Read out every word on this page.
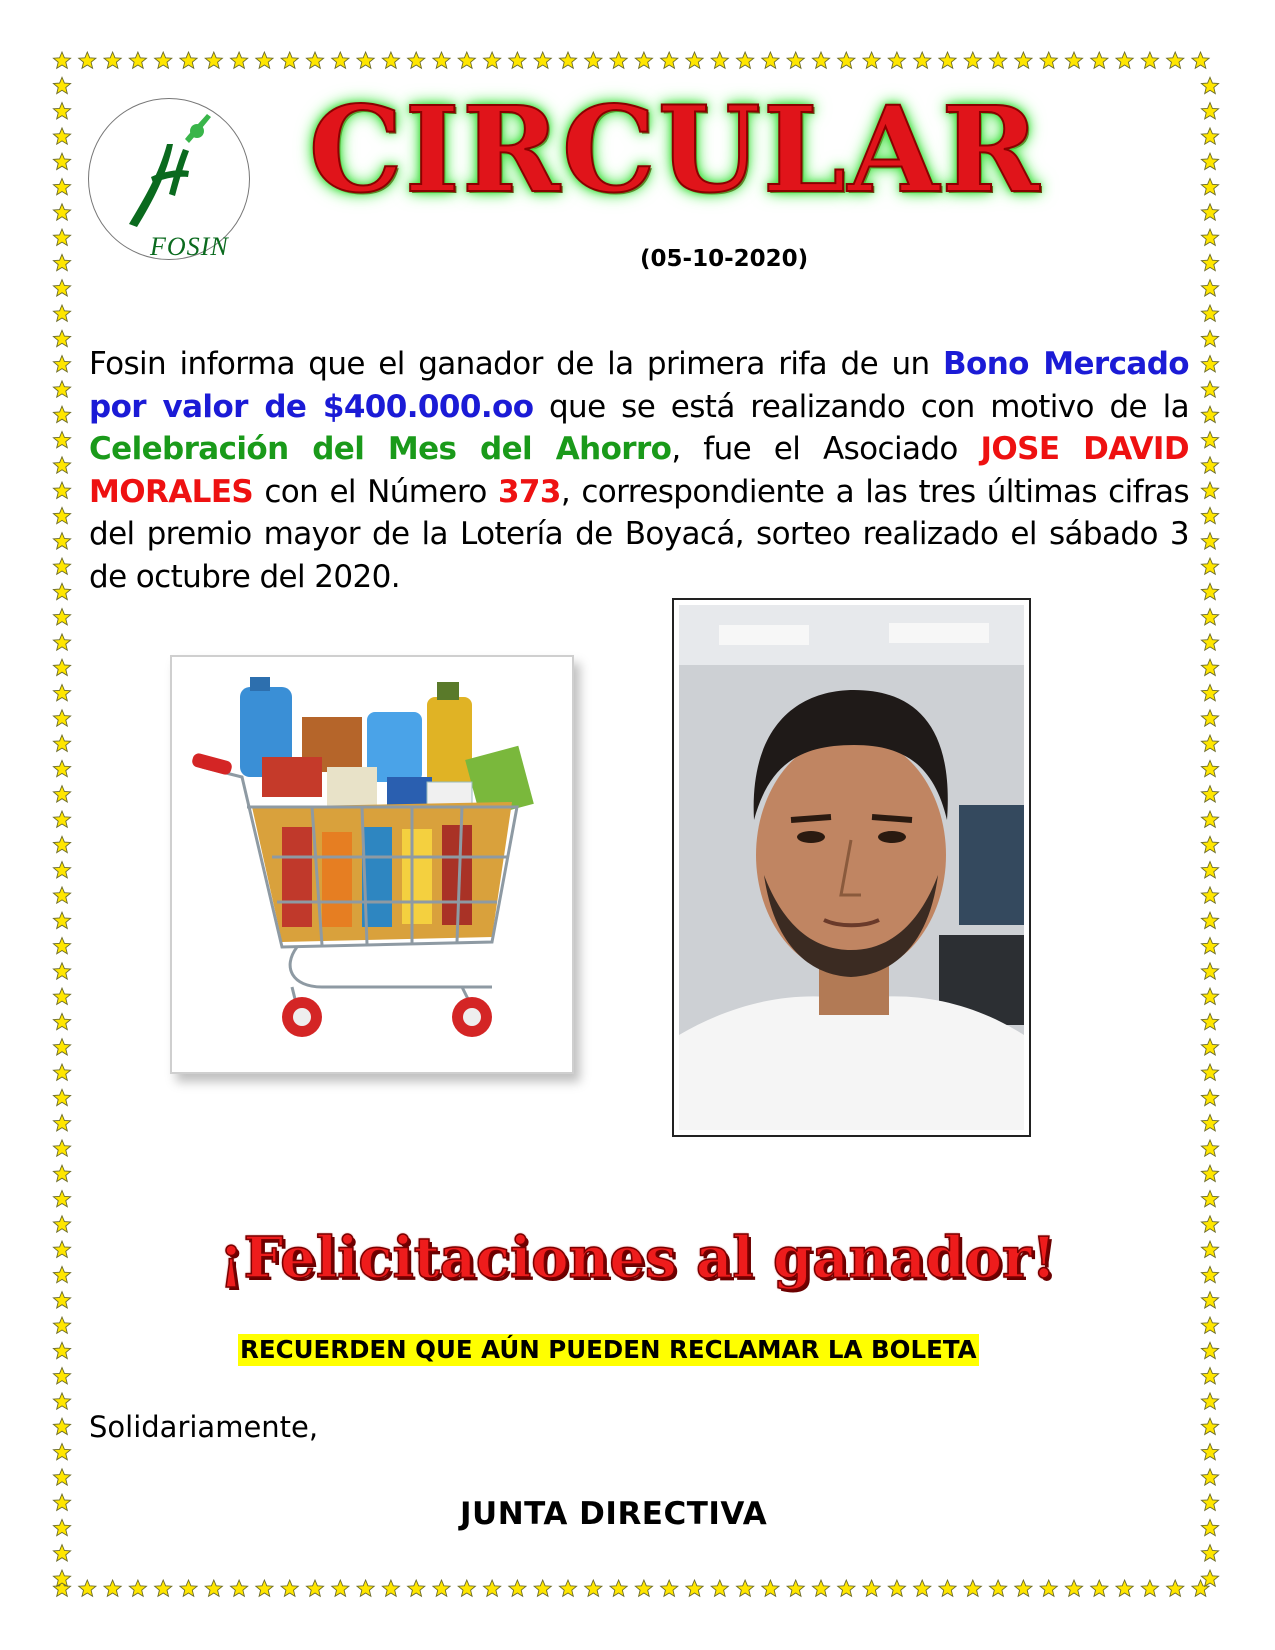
FOSIN
CIRCULAR
(05-10-2020)
Fosin informa que el ganador de la primera rifa de un Bono Mercado por valor de $400.000.oo que se está realizando con motivo de la Celebración del Mes del Ahorro, fue el Asociado JOSE DAVID MORALES con el Número 373, correspondiente a las tres últimas cifras del premio mayor de la Lotería de Boyacá, sorteo realizado el sábado 3 de octubre del 2020.
¡Felicitaciones al ganador!
RECUERDEN QUE AÚN PUEDEN RECLAMAR LA BOLETA
Solidariamente,
JUNTA DIRECTIVA
